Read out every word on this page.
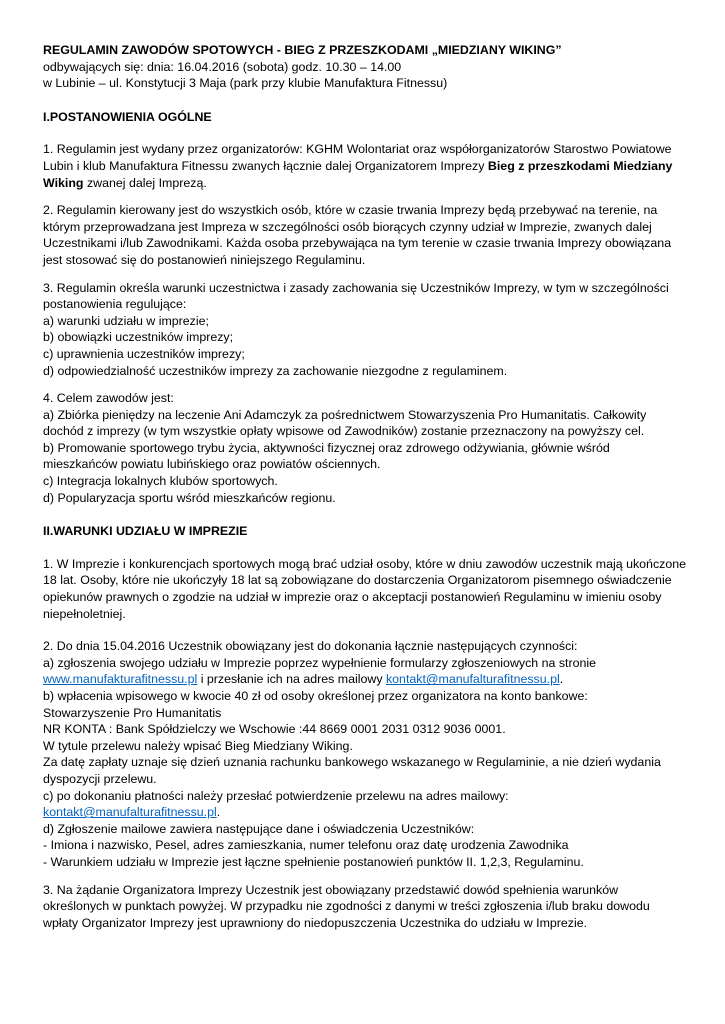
REGULAMIN ZAWODÓW SPOTOWYCH - BIEG Z PRZESZKODAMI „MIEDZIANY WIKING”

odbywających się: dnia: 16.04.2016 (sobota) godz. 10.30 – 14.00

w Lubinie – ul. Konstytucji 3 Maja (park przy klubie Manufaktura Fitnessu)

I.POSTANOWIENIA OGÓLNE

1. Regulamin jest wydany przez organizatorów: KGHM Wolontariat oraz współorganizatorów Starostwo Powiatowe Lubin i klub Manufaktura Fitnessu zwanych łącznie dalej Organizatorem Imprezy Bieg z przeszkodami Miedziany
Wiking zwanej dalej Imprezą.

2. Regulamin kierowany jest do wszystkich osób, które w czasie trwania Imprezy będą przebywać na terenie, na którym przeprowadzana jest Impreza w szczególności osób biorących czynny udział w Imprezie, zwanych dalej Uczestnikami i/lub Zawodnikami. Każda osoba przebywająca na tym terenie w czasie trwania Imprezy obowiązana jest stosować się do postanowień niniejszego Regulaminu.

3. Regulamin określa warunki uczestnictwa i zasady zachowania się Uczestników Imprezy, w tym w szczególności postanowienia regulujące:
a) warunki udziału w imprezie;
b) obowiązki uczestników imprezy;
c) uprawnienia uczestników imprezy;
d) odpowiedzialność uczestników imprezy za zachowanie niezgodne z regulaminem.
4. Celem zawodów jest:
a) Zbiórka pieniędzy na leczenie Ani Adamczyk za pośrednictwem Stowarzyszenia Pro Humanitatis. Całkowity dochód z imprezy (w tym wszystkie opłaty wpisowe od Zawodników) zostanie przeznaczony na powyższy cel.
b) Promowanie sportowego trybu życia, aktywności fizycznej oraz zdrowego odżywiania, głównie wśród mieszkańców powiatu lubińskiego oraz powiatów ościennych.
c) Integracja lokalnych klubów sportowych.
d) Popularyzacja sportu wśród mieszkańców regionu.

II.WARUNKI UDZIAŁU W IMPREZIE

1. W Imprezie i konkurencjach sportowych mogą brać udział osoby, które w dniu zawodów uczestnik mają ukończone 18 lat. Osoby, które nie ukończyły 18 lat są zobowiązane do dostarczenia Organizatorom pisemnego oświadczenie opiekunów prawnych o zgodzie na udział w imprezie oraz o akceptacji postanowień Regulaminu w imieniu osoby niepełnoletniej.

2. Do dnia 15.04.2016 Uczestnik obowiązany jest do dokonania łącznie następujących czynności:
a) zgłoszenia swojego udziału w Imprezie poprzez wypełnienie formularzy zgłoszeniowych na stronie
www.manufakturafitnessu.pl i przesłanie ich na adres mailowy kontakt@manufalturafitnessu.pl.
b) wpłacenia wpisowego w kwocie 40 zł od osoby określonej przez organizatora na konto bankowe:
Stowarzyszenie Pro Humanitatis
NR KONTA : Bank Spółdzielczy we Wschowie :44 8669 0001 2031 0312 9036 0001.
W tytule przelewu należy wpisać Bieg Miedziany Wiking.
Za datę zapłaty uznaje się dzień uznania rachunku bankowego wskazanego w Regulaminie, a nie dzień wydania dyspozycji przelewu.
c) po dokonaniu płatności należy przesłać potwierdzenie przelewu na adres mailowy:
kontakt@manufalturafitnessu.pl.
d) Zgłoszenie mailowe zawiera następujące dane i oświadczenia Uczestników:
- Imiona i nazwisko, Pesel, adres zamieszkania, numer telefonu oraz datę urodzenia Zawodnika
- Warunkiem udziału w Imprezie jest łączne spełnienie postanowień punktów II. 1,2,3, Regulaminu.

3. Na żądanie Organizatora Imprezy Uczestnik jest obowiązany przedstawić dowód spełnienia warunków określonych w punktach powyżej. W przypadku nie zgodności z danymi w treści zgłoszenia i/lub braku dowodu wpłaty Organizator Imprezy jest uprawniony do niedopuszczenia Uczestnika do udziału w Imprezie.
